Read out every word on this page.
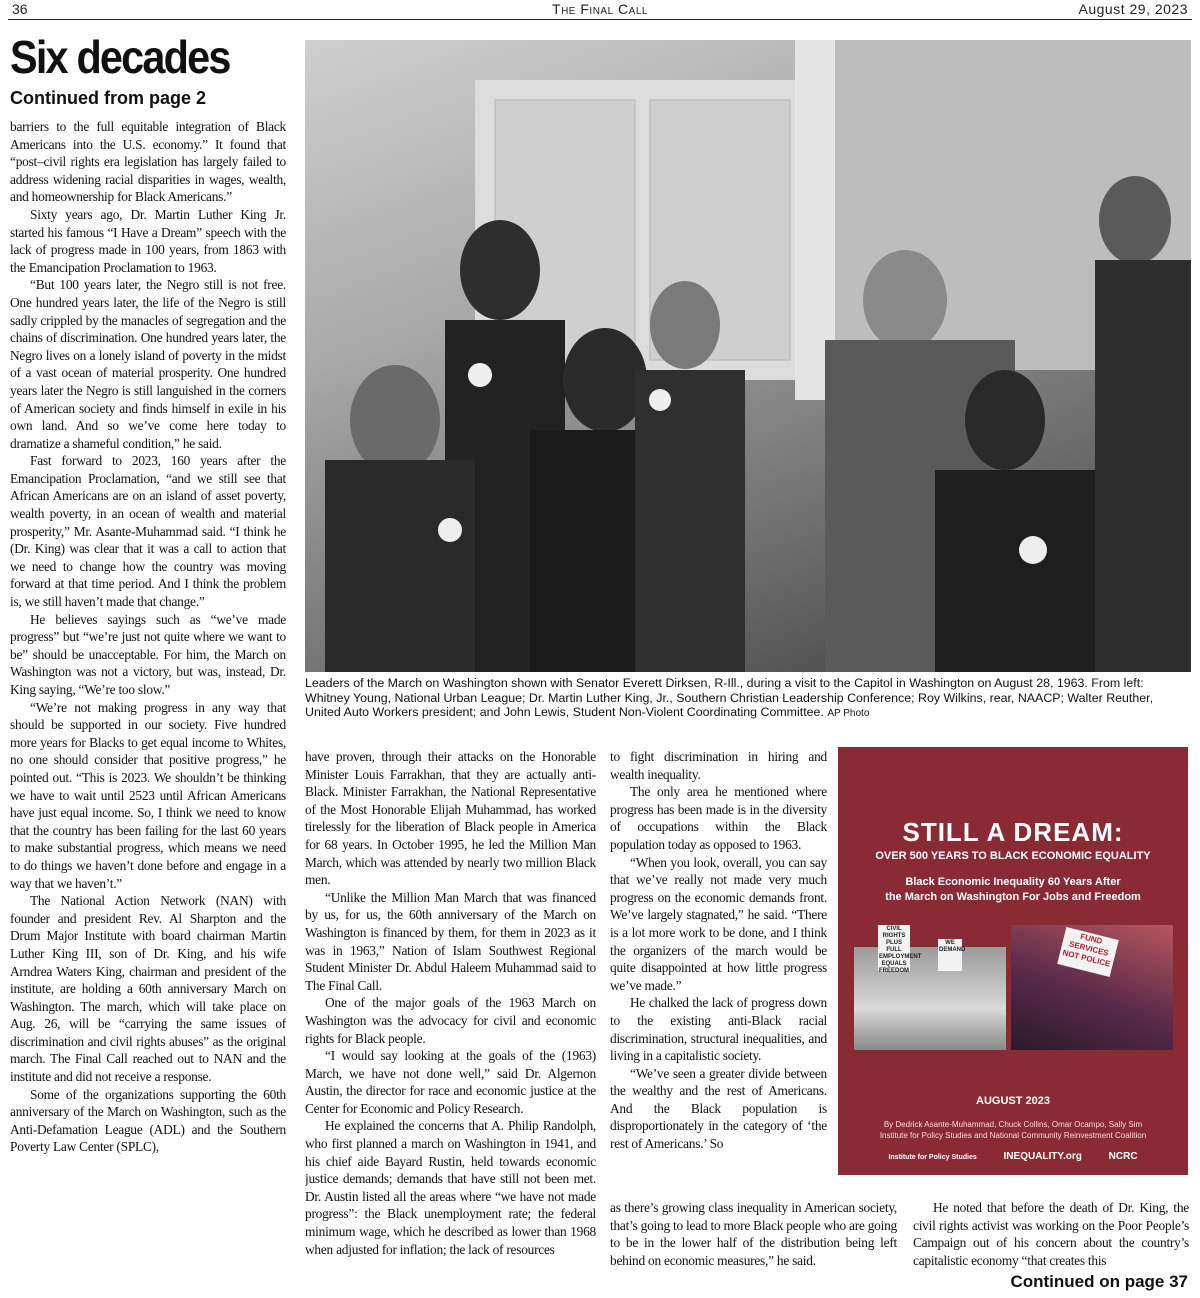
36	The Final Call	August 29, 2023
Six decades
Continued from page 2

barriers to the full equitable integration of Black Americans into the U.S. economy.” It found that “post–civil rights era legislation has largely failed to address widening racial disparities in wages, wealth, and homeownership for Black Americans.”

Sixty years ago, Dr. Martin Luther King Jr. started his famous “I Have a Dream” speech with the lack of progress made in 100 years, from 1863 with the Emancipation Proclamation to 1963.

“But 100 years later, the Negro still is not free. One hundred years later, the life of the Negro is still sadly crippled by the manacles of segregation and the chains of discrimination. One hundred years later, the Negro lives on a lonely island of poverty in the midst of a vast ocean of material prosperity. One hundred years later the Negro is still languished in the corners of American society and finds himself in exile in his own land. And so we’ve come here today to dramatize a shameful condition,” he said.

Fast forward to 2023, 160 years after the Emancipation Proclamation, “and we still see that African Americans are on an island of asset poverty, wealth poverty, in an ocean of wealth and material prosperity,” Mr. Asante-Muhammad said. “I think he (Dr. King) was clear that it was a call to action that we need to change how the country was moving forward at that time period. And I think the problem is, we still haven’t made that change.”

He believes sayings such as “we’ve made progress” but “we’re just not quite where we want to be” should be unacceptable. For him, the March on Washington was not a victory, but was, instead, Dr. King saying, “We’re too slow.”

“We’re not making progress in any way that should be supported in our society. Five hundred more years for Blacks to get equal income to Whites, no one should consider that positive progress,” he pointed out. “This is 2023. We shouldn’t be thinking we have to wait until 2523 until African Americans have just equal income. So, I think we need to know that the country has been failing for the last 60 years to make substantial progress, which means we need to do things we haven’t done before and engage in a way that we haven’t.”

The National Action Network (NAN) with founder and president Rev. Al Sharpton and the Drum Major Institute with board chairman Martin Luther King III, son of Dr. King, and his wife Arndrea Waters King, chairman and president of the institute, are holding a 60th anniversary March on Washington. The march, which will take place on Aug. 26, will be “carrying the same issues of discrimination and civil rights abuses” as the original march. The Final Call reached out to NAN and the institute and did not receive a response.

Some of the organizations supporting the 60th anniversary of the March on Washington, such as the Anti-Defamation League (ADL) and the Southern Poverty Law Center (SPLC),

Leaders of the March on Washington shown with Senator Everett Dirksen, R-Ill., during a visit to the Capitol in Washington on August 28, 1963. From left: Whitney Young, National Urban League; Dr. Martin Luther King, Jr., Southern Christian Leadership Conference; Roy Wilkins, rear, NAACP; Walter Reuther, United Auto Workers president; and John Lewis, Student Non-Violent Coordinating Committee. AP Photo

have proven, through their attacks on the Honorable Minister Louis Farrakhan, that they are actually anti-Black. Minister Farrakhan, the National Representative of the Most Honorable Elijah Muhammad, has worked tirelessly for the liberation of Black people in America for 68 years. In October 1995, he led the Million Man March, which was attended by nearly two million Black men.

“Unlike the Million Man March that was financed by us, for us, the 60th anniversary of the March on Washington is financed by them, for them in 2023 as it was in 1963,” Nation of Islam Southwest Regional Student Minister Dr. Abdul Haleem Muhammad said to The Final Call.

One of the major goals of the 1963 March on Washington was the advocacy for civil and economic rights for Black people.

“I would say looking at the goals of the (1963) March, we have not done well,” said Dr. Algernon Austin, the director for race and economic justice at the Center for Economic and Policy Research.

He explained the concerns that A. Philip Randolph, who first planned a march on Washington in 1941, and his chief aide Bayard Rustin, held towards economic justice demands; demands that have still not been met. Dr. Austin listed all the areas where “we have not made progress”: the Black unemployment rate; the federal minimum wage, which he described as lower than 1968 when adjusted for inflation; the lack of resources

to fight discrimination in hiring and wealth inequality.

The only area he mentioned where progress has been made is in the diversity of occupations within the Black population today as opposed to 1963.

“When you look, overall, you can say that we’ve really not made very much progress on the economic demands front. We’ve largely stagnated,” he said. “There is a lot more work to be done, and I think the organizers of the march would be quite disappointed at how little progress we’ve made.”

He chalked the lack of progress down to the existing anti-Black racial discrimination, structural inequalities, and living in a capitalistic society.

“We’ve seen a greater divide between the wealthy and the rest of Americans. And the Black population is disproportionately in the category of ‘the rest of Americans.’ So

as there’s growing class inequality in American society, that’s going to lead to more Black people who are going to be in the lower half of the distribution being left behind on economic measures,” he said.

STILL A DREAM:
OVER 500 YEARS TO BLACK ECONOMIC EQUALITY
Black Economic Inequality 60 Years After
the March on Washington For Jobs and Freedom
CIVIL RIGHTS PLUS FULL EMPLOYMENT EQUALS FREEDOM
WE DEMAND
FUND SERVICES NOT POLICE
AUGUST 2023
By Dedrick Asante-Muhammad, Chuck Collins, Omar Ocampo, Sally Sim
Institute for Policy Studies and National Community Reinvestment Coalition
Institute for Policy Studies	INEQUALITY.org	NCRC

He noted that before the death of Dr. King, the civil rights activist was working on the Poor People’s Campaign out of his concern about the country’s capitalistic economy “that creates this

Continued on page 37
